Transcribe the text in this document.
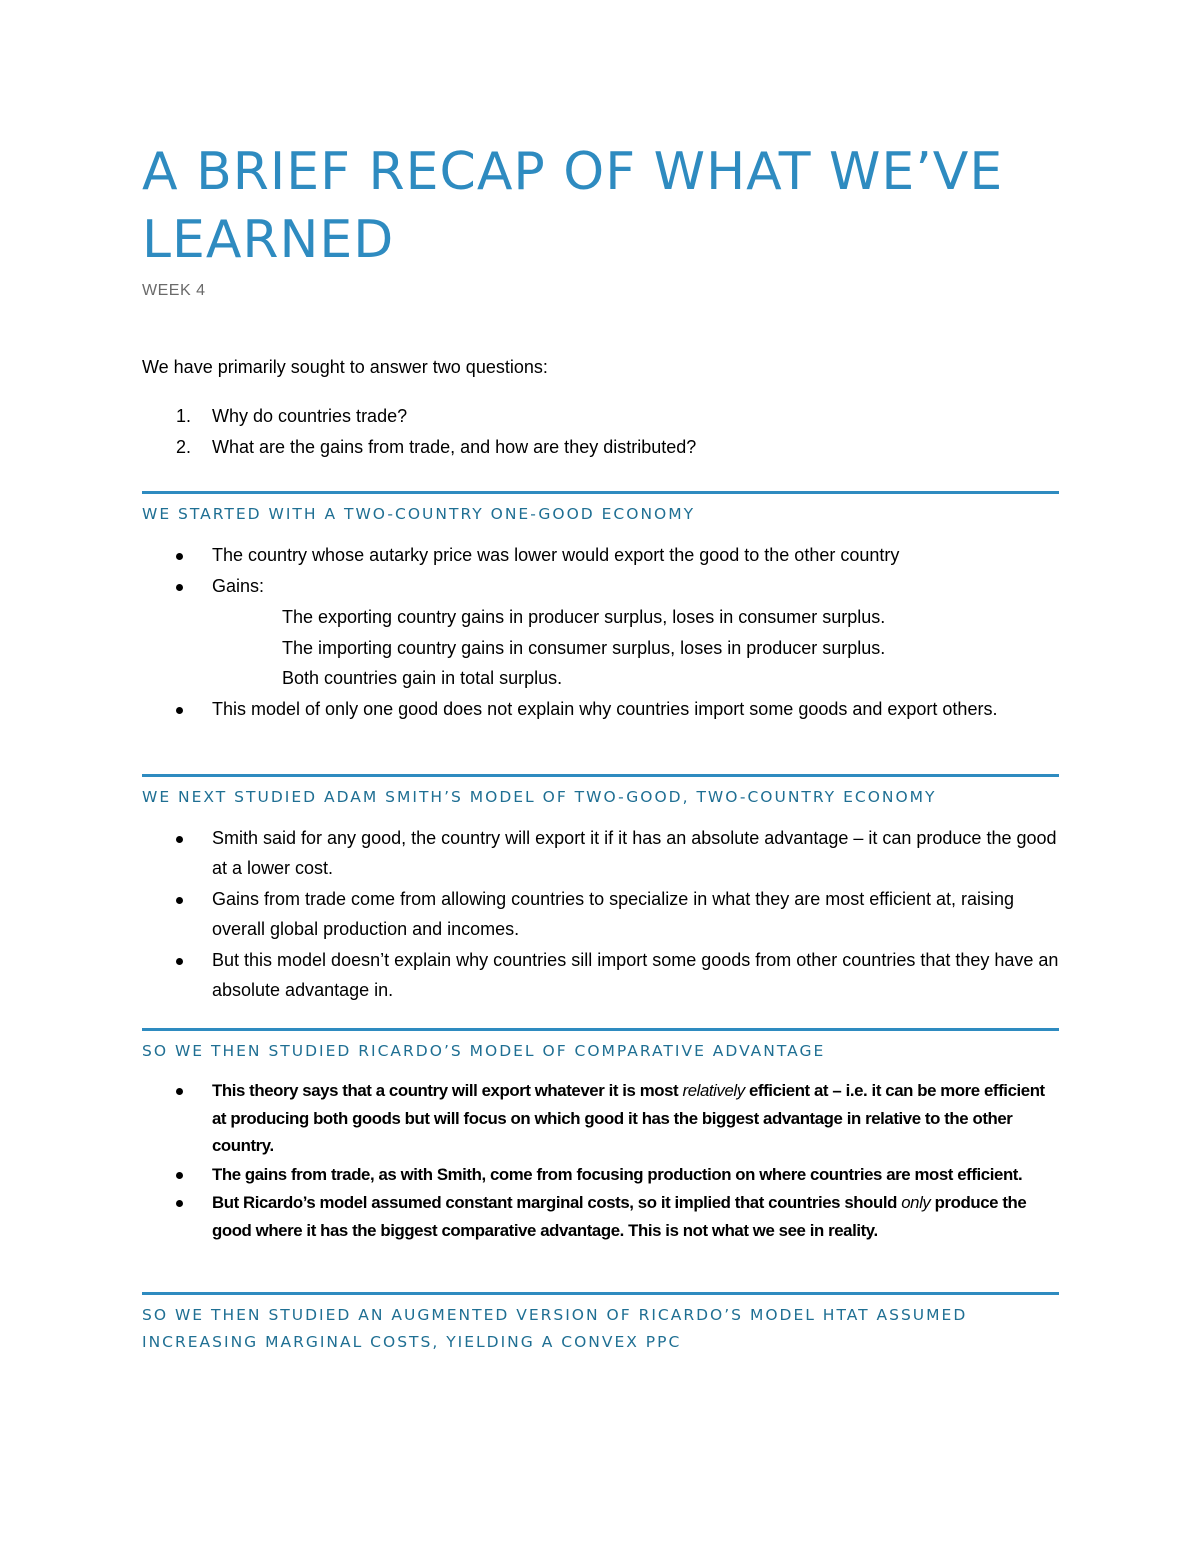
A BRIEF RECAP OF WHAT WE’VE LEARNED
WEEK 4
We have primarily sought to answer two questions:
1. Why do countries trade?
2. What are the gains from trade, and how are they distributed?
WE STARTED WITH A TWO-COUNTRY ONE-GOOD ECONOMY
The country whose autarky price was lower would export the good to the other country
Gains:
The exporting country gains in producer surplus, loses in consumer surplus.
The importing country gains in consumer surplus, loses in producer surplus.
Both countries gain in total surplus.
This model of only one good does not explain why countries import some goods and export others.
WE NEXT STUDIED ADAM SMITH’S MODEL OF TWO-GOOD, TWO-COUNTRY ECONOMY
Smith said for any good, the country will export it if it has an absolute advantage – it can produce the good at a lower cost.
Gains from trade come from allowing countries to specialize in what they are most efficient at, raising overall global production and incomes.
But this model doesn’t explain why countries sill import some goods from other countries that they have an absolute advantage in.
SO WE THEN STUDIED RICARDO’S MODEL OF COMPARATIVE ADVANTAGE
This theory says that a country will export whatever it is most relatively efficient at – i.e. it can be more efficient at producing both goods but will focus on which good it has the biggest advantage in relative to the other country.
The gains from trade, as with Smith, come from focusing production on where countries are most efficient.
But Ricardo’s model assumed constant marginal costs, so it implied that countries should only produce the good where it has the biggest comparative advantage. This is not what we see in reality.
SO WE THEN STUDIED AN AUGMENTED VERSION OF RICARDO’S MODEL HTAT ASSUMED INCREASING MARGINAL COSTS, YIELDING A CONVEX PPC
